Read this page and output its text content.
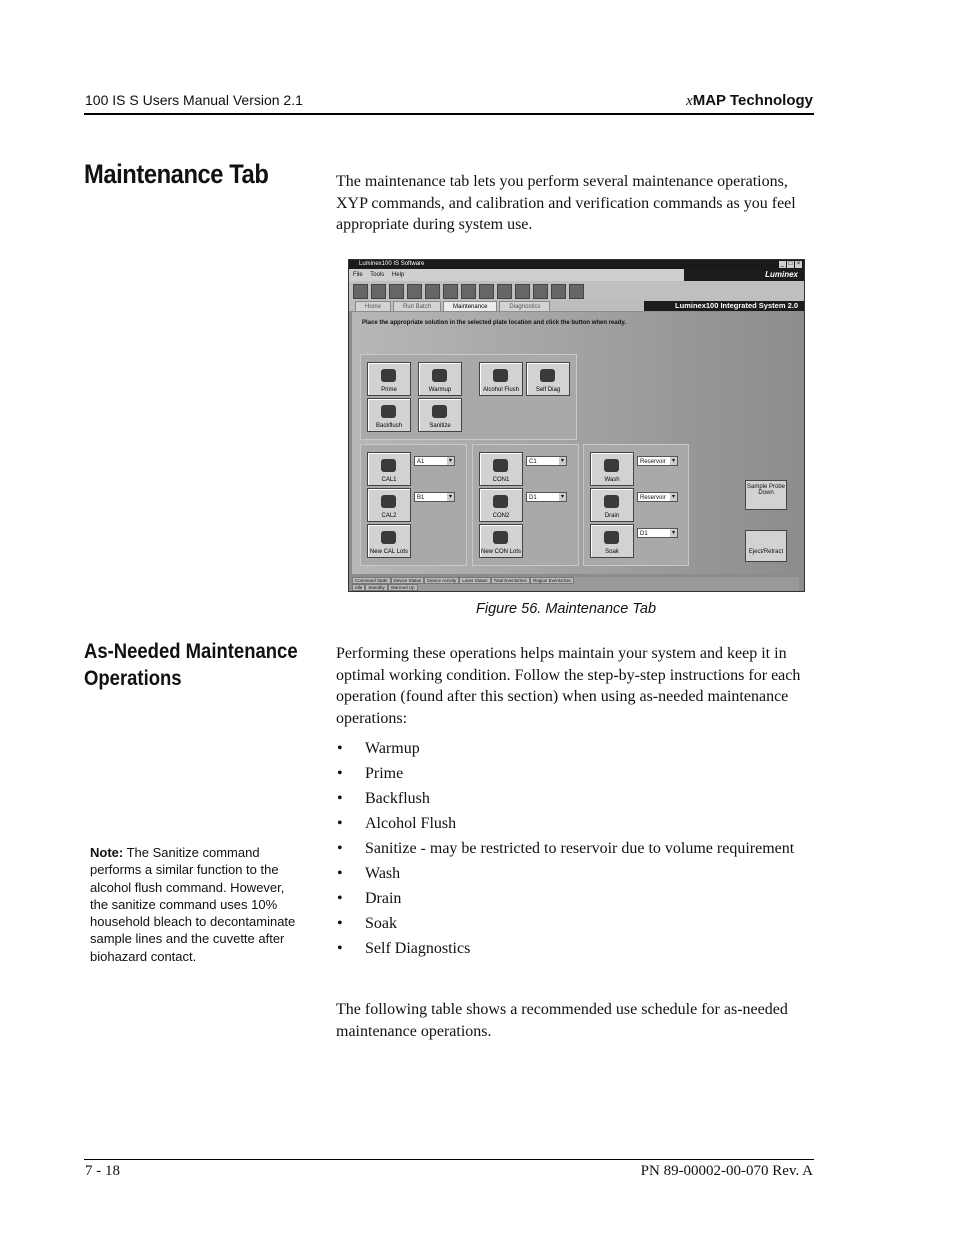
100 IS S Users Manual Version 2.1	xMAP Technology
Maintenance Tab	The maintenance tab lets you perform several maintenance operations, XYP commands, and calibration and verification commands as you feel appropriate during system use.
Luminex100 IS Software	_ □ ×
File Tools Help	Luminex
Home	Run Batch	Maintenance	Diagnostics	Luminex100 Integrated System 2.0
Place the appropriate solution in the selected plate location and click the button when ready.
Prime	Warmup	Alcohol Flush	Self Diag
Backflush	Sanitize
CAL1
A1 ▾
CAL2
B1 ▾
New CAL Lots
CON1
C1 ▾
CON2
D1 ▾
New CON Lots
Wash
Reservoir ▾
Drain
Reservoir ▾
Soak
D1 ▾
Sample Probe Down
Eject/Retract
Command State	Device Status	Device Activity	Laser Status	Total Events/Sec	Region Events/Sec
Idle	Standby	Warmed Up
Figure 56. Maintenance Tab
As-Needed Maintenance Operations
Performing these operations helps maintain your system and keep it in optimal working condition. Follow the step-by-step instructions for each operation (found after this section) when using as-needed maintenance operations:
• Warmup
• Prime
• Backflush
• Alcohol Flush
• Sanitize - may be restricted to reservoir due to volume requirement
• Wash
• Drain
• Soak
• Self Diagnostics
The following table shows a recommended use schedule for as-needed maintenance operations.
Note: The Sanitize command performs a similar function to the alcohol flush command. However, the sanitize command uses 10% household bleach to decontaminate sample lines and the cuvette after biohazard contact.
7 - 18	PN 89-00002-00-070 Rev. A
